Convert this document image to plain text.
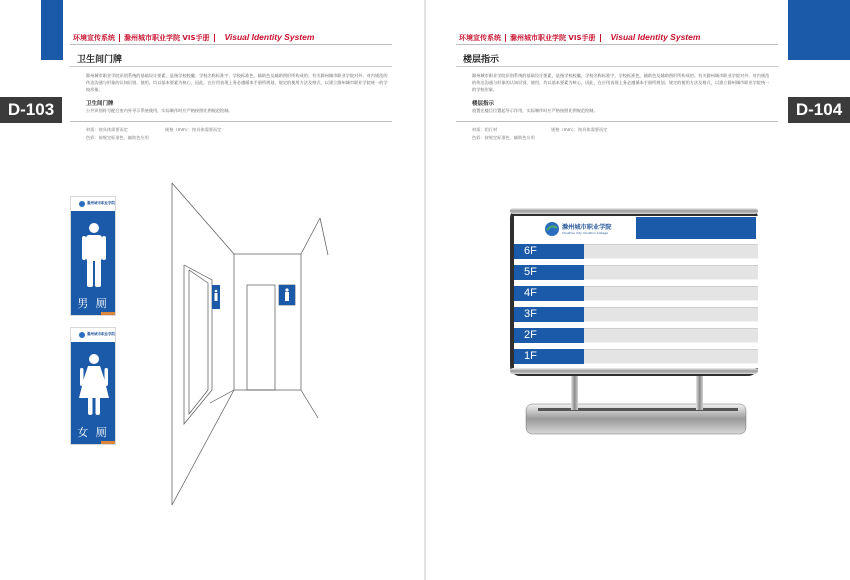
D-103
环境宣传系统 滁州城市职业学院 VIS手册 Visual Identity System
卫生间门牌
滁州城市职业学院识别系统的基础设计要素，是指学校校徽、学校名称标准字、学校标准色、辅助色及辅助图形所构成的。有关滁州城市职业学院对外、对内规范的传达沟通与形象的认知识别、使用，均以基本要素为核心，因此，在应用表现上务必遵循本手册所规划，规定的使用方法及格式，以建立滁州城市职业学院统一的学校形象。
卫生间门牌
公共识别符号配合室内外导示系统使用，实际制作时应严格按照比例规范绘制。
材质：按具体需要而定	规格（mm）：按具体需要而定
色彩：按规定标准色、辅助色应用
滁州城市职业学院
男 厕
滁州城市职业学院
女 厕
D-104
环境宣传系统 滁州城市职业学院 VIS手册 Visual Identity System
楼层指示
滁州城市职业学院识别系统的基础设计要素，是指学校校徽，学校名称标准字，学校标准色，辅助色及辅助图形所构成的。有关滁州城市职业学院对外、对内规范的传达沟通与形象的认知识别、使用，均以基本要素为核心，因此，在应用表现上务必遵循本手册所规划，规定的使用方法及格式，以建立滁州城市职业学院统一的学校形象。
楼层指示
放置在楼目位置起导示作用，实际制作时应严格按照比例规范绘制。
材质：铝行材	规格（mm）：按具体需要而定
色彩：按规定标准色、辅助色应用
滁州城市职业学院
Chuzhou City Vocation College
6F
5F
4F
3F
2F
1F
